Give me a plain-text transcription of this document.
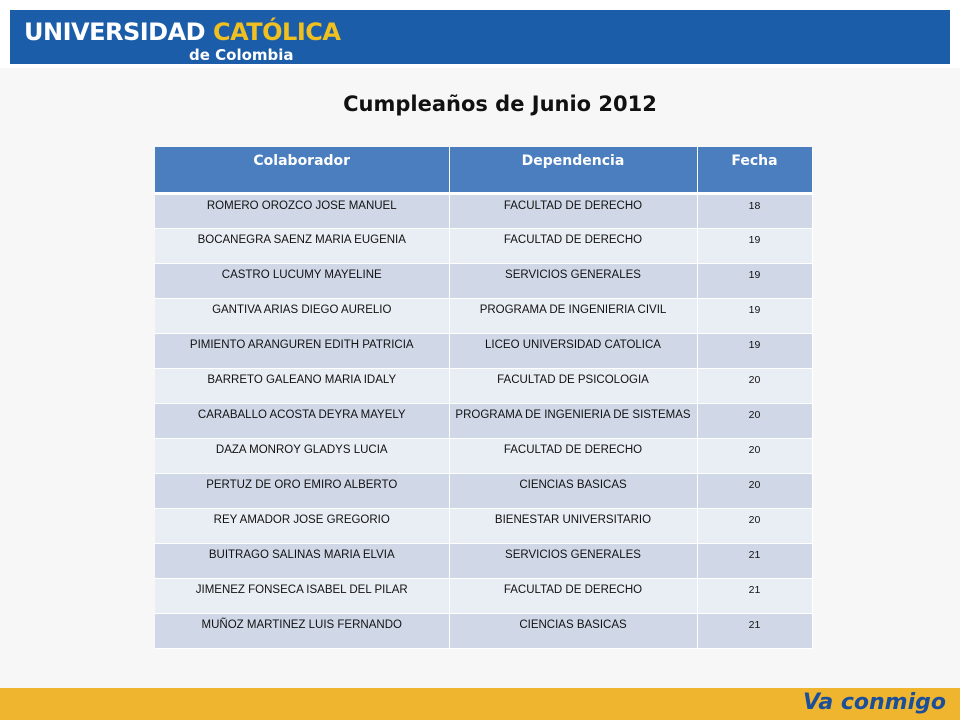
UNIVERSIDAD CATÓLICA
de Colombia
Cumpleaños de Junio 2012
Colaborador	Dependencia	Fecha
ROMERO OROZCO JOSE MANUEL	FACULTAD DE DERECHO	18
BOCANEGRA SAENZ MARIA EUGENIA	FACULTAD DE DERECHO	19
CASTRO LUCUMY MAYELINE	SERVICIOS GENERALES	19
GANTIVA ARIAS DIEGO AURELIO	PROGRAMA DE INGENIERIA CIVIL	19
PIMIENTO ARANGUREN EDITH PATRICIA	LICEO UNIVERSIDAD CATOLICA	19
BARRETO GALEANO MARIA IDALY	FACULTAD DE PSICOLOGIA	20
CARABALLO ACOSTA DEYRA MAYELY	PROGRAMA DE INGENIERIA DE SISTEMAS	20
DAZA MONROY GLADYS LUCIA	FACULTAD DE DERECHO	20
PERTUZ DE ORO EMIRO ALBERTO	CIENCIAS BASICAS	20
REY AMADOR JOSE GREGORIO	BIENESTAR UNIVERSITARIO	20
BUITRAGO SALINAS MARIA ELVIA	SERVICIOS GENERALES	21
JIMENEZ FONSECA ISABEL DEL PILAR	FACULTAD DE DERECHO	21
MUÑOZ MARTINEZ LUIS FERNANDO	CIENCIAS BASICAS	21
Va conmigo
